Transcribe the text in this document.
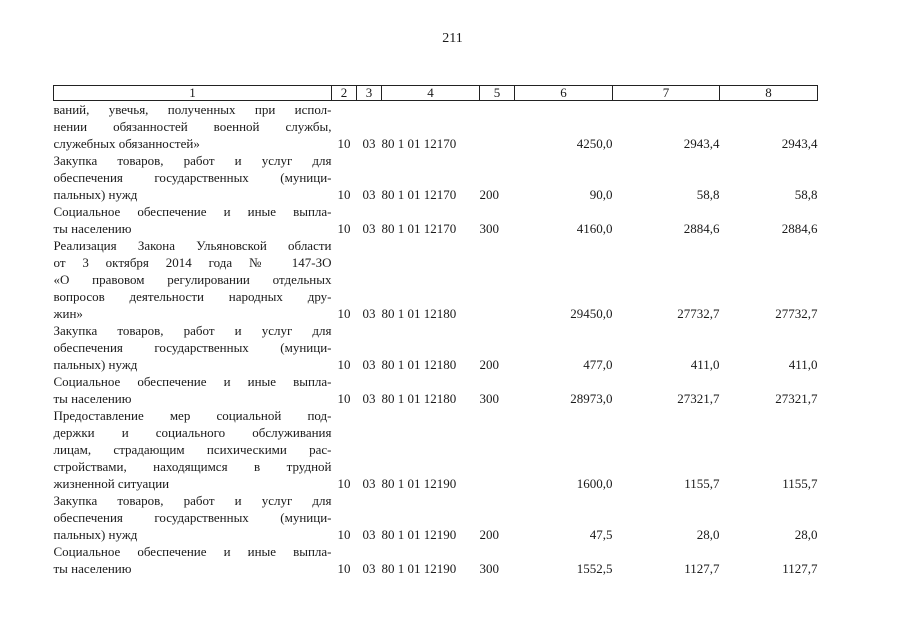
211
1	2	3	4	5	6	7	8

ваний, увечья, полученных при испол-
нении обязанностей военной службы,
служебных обязанностей»	10	03	80 1 01 12170		4250,0	2943,4	2943,4

Закупка товаров, работ и услуг для
обеспечения государственных (муници-
пальных) нужд	10	03	80 1 01 12170	200	90,0	58,8	58,8

Социальное обеспечение и иные выпла-
ты населению	10	03	80 1 01 12170	300	4160,0	2884,6	2884,6

Реализация Закона Ульяновской области
от 3 октября 2014 года № 147-ЗО
«О правовом регулировании отдельных
вопросов деятельности народных дру-
жин»	10	03	80 1 01 12180		29450,0	27732,7	27732,7

Закупка товаров, работ и услуг для
обеспечения государственных (муници-
пальных) нужд	10	03	80 1 01 12180	200	477,0	411,0	411,0

Социальное обеспечение и иные выпла-
ты населению	10	03	80 1 01 12180	300	28973,0	27321,7	27321,7

Предоставление мер социальной под-
держки и социального обслуживания
лицам, страдающим психическими рас-
стройствами, находящимся в трудной
жизненной ситуации	10	03	80 1 01 12190		1600,0	1155,7	1155,7

Закупка товаров, работ и услуг для
обеспечения государственных (муници-
пальных) нужд	10	03	80 1 01 12190	200	47,5	28,0	28,0

Социальное обеспечение и иные выпла-
ты населению	10	03	80 1 01 12190	300	1552,5	1127,7	1127,7
